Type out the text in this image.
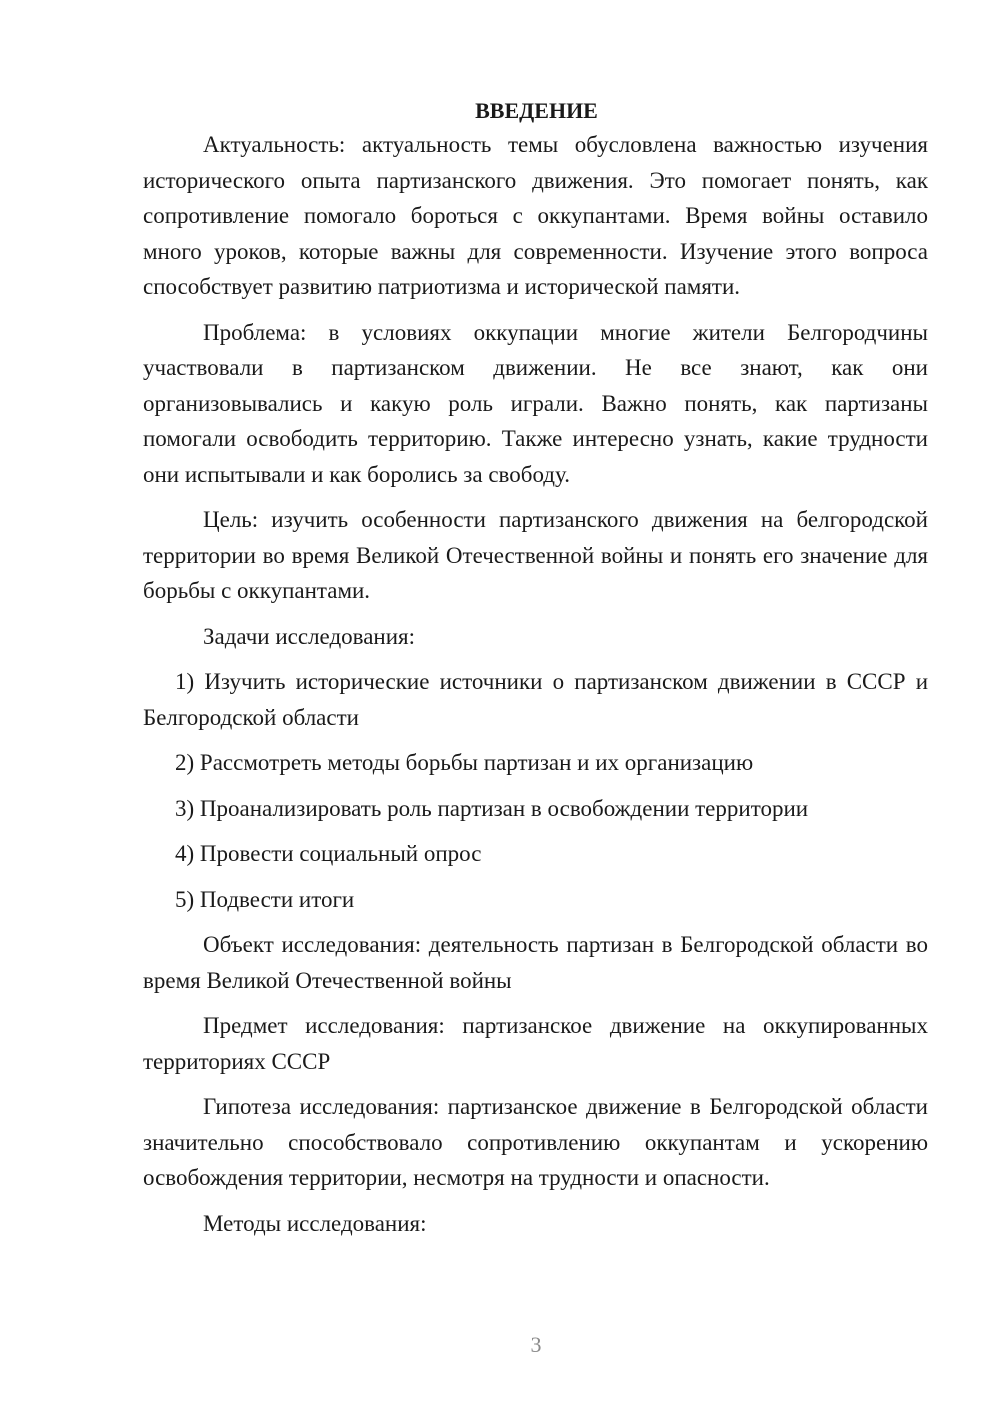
ВВЕДЕНИЕ

Актуальность: актуальность темы обусловлена важностью изучения исторического опыта партизанского движения. Это помогает понять, как сопротивление помогало бороться с оккупантами. Время войны оставило много уроков, которые важны для современности. Изучение этого вопроса способствует развитию патриотизма и исторической памяти.

Проблема: в условиях оккупации многие жители Белгородчины участвовали в партизанском движении. Не все знают, как они организовывались и какую роль играли. Важно понять, как партизаны помогали освободить территорию. Также интересно узнать, какие трудности они испытывали и как боролись за свободу.

Цель: изучить особенности партизанского движения на белгородской территории во время Великой Отечественной войны и понять его значение для борьбы с оккупантами.

Задачи исследования:

1) Изучить исторические источники о партизанском движении в СССР и Белгородской области

2) Рассмотреть методы борьбы партизан и их организацию

3) Проанализировать роль партизан в освобождении территории

4) Провести социальный опрос

5) Подвести итоги

Объект исследования: деятельность партизан в Белгородской области во время Великой Отечественной войны

Предмет исследования: партизанское движение на оккупированных территориях СССР

Гипотеза исследования: партизанское движение в Белгородской области значительно способствовало сопротивлению оккупантам и ускорению освобождения территории, несмотря на трудности и опасности.

Методы исследования:

3
